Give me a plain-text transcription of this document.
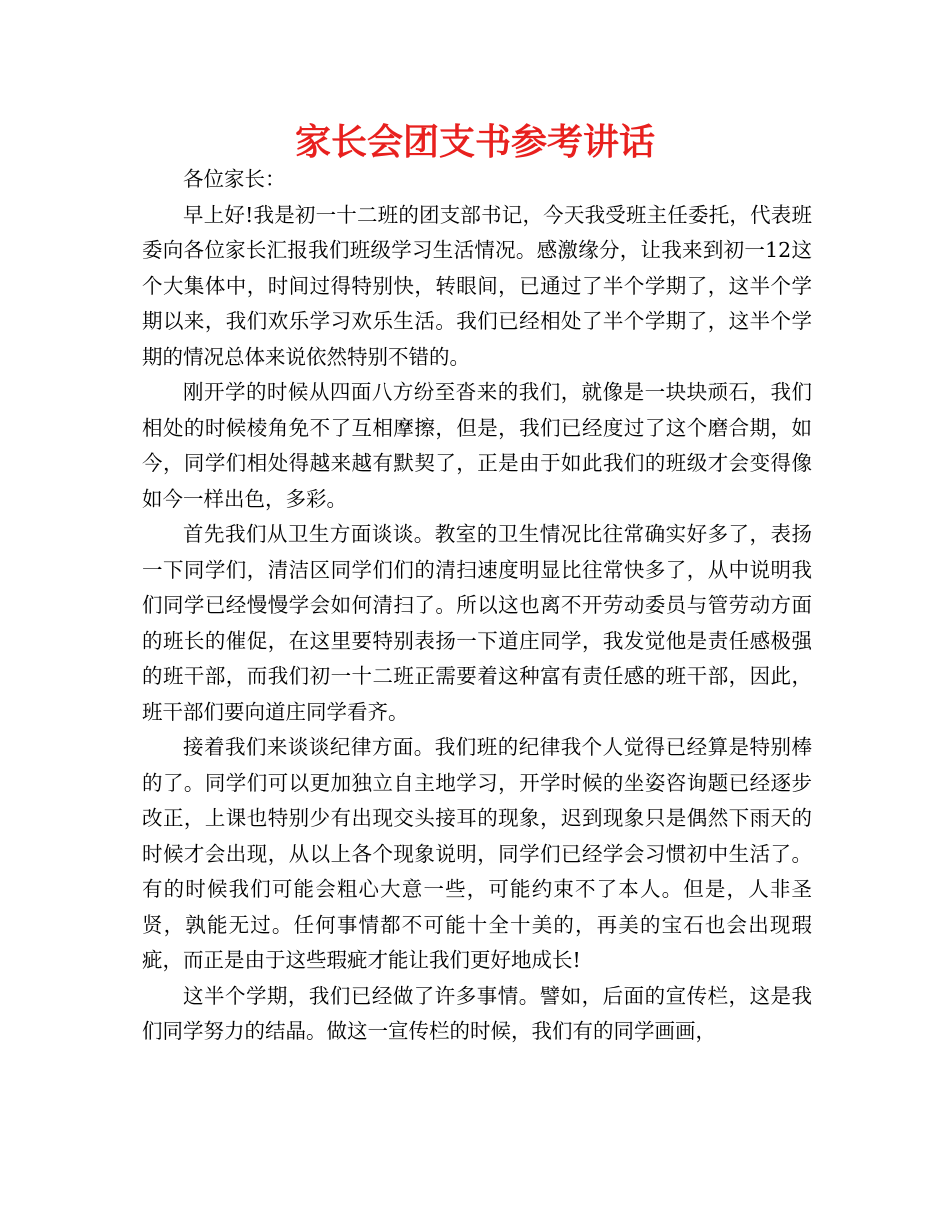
家长会团支书参考讲话

各位家长：

早上好!我是初一十二班的团支部书记，今天我受班主任委托，代表班委向各位家长汇报我们班级学习生活情况。感激缘分，让我来到初一12这个大集体中，时间过得特别快，转眼间，已通过了半个学期了，这半个学期以来，我们欢乐学习欢乐生活。我们已经相处了半个学期了，这半个学期的情况总体来说依然特别不错的。

刚开学的时候从四面八方纷至沓来的我们，就像是一块块顽石，我们相处的时候棱角免不了互相摩擦，但是，我们已经度过了这个磨合期，如今，同学们相处得越来越有默契了，正是由于如此我们的班级才会变得像如今一样出色，多彩。

首先我们从卫生方面谈谈。教室的卫生情况比往常确实好多了，表扬一下同学们，清洁区同学们们的清扫速度明显比往常快多了，从中说明我们同学已经慢慢学会如何清扫了。所以这也离不开劳动委员与管劳动方面的班长的催促，在这里要特别表扬一下道庄同学，我发觉他是责任感极强的班干部，而我们初一十二班正需要着这种富有责任感的班干部，因此，班干部们要向道庄同学看齐。

接着我们来谈谈纪律方面。我们班的纪律我个人觉得已经算是特别棒的了。同学们可以更加独立自主地学习，开学时候的坐姿咨询题已经逐步改正，上课也特别少有出现交头接耳的现象，迟到现象只是偶然下雨天的时候才会出现，从以上各个现象说明，同学们已经学会习惯初中生活了。有的时候我们可能会粗心大意一些，可能约束不了本人。但是，人非圣贤，孰能无过。任何事情都不可能十全十美的，再美的宝石也会出现瑕疵，而正是由于这些瑕疵才能让我们更好地成长!

这半个学期，我们已经做了许多事情。譬如，后面的宣传栏，这是我们同学努力的结晶。做这一宣传栏的时候，我们有的同学画画，
